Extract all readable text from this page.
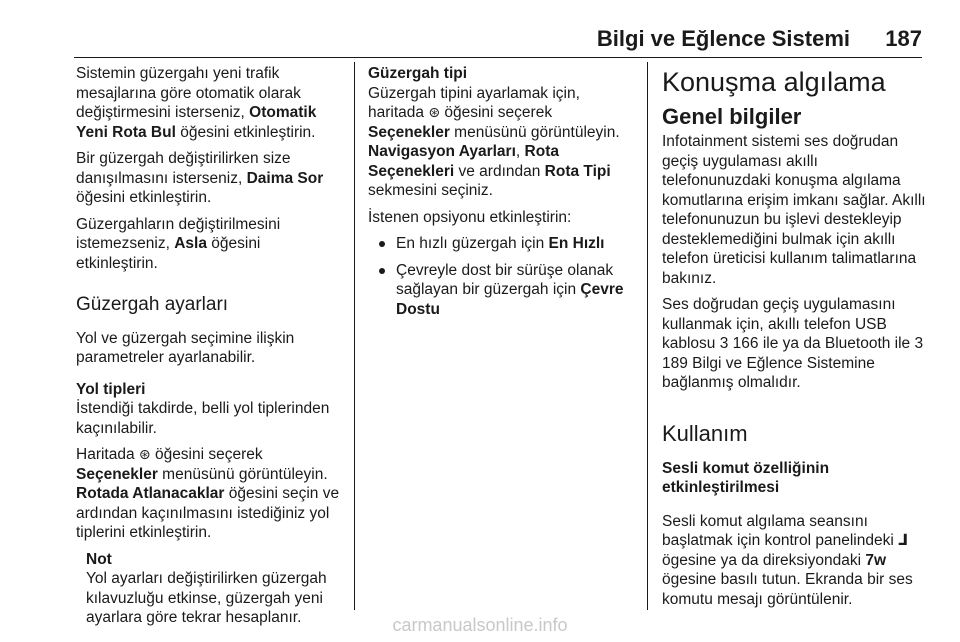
Bilgi ve Eğlence Sistemi 187

Sistemin güzergahı yeni trafik mesajlarına göre otomatik olarak değiştirmesini isterseniz, Otomatik Yeni Rota Bul öğesini etkinleştirin.

Bir güzergah değiştirilirken size danışılmasını isterseniz, Daima Sor öğesini etkinleştirin.

Güzergahların değiştirilmesini istemezseniz, Asla öğesini etkinleştirin.

Güzergah ayarları

Yol ve güzergah seçimine ilişkin parametreler ayarlanabilir.

Yol tipleri

İstendiği takdirde, belli yol tiplerinden kaçınılabilir.

Haritada ⊛ öğesini seçerek Seçenekler menüsünü görüntüleyin. Rotada Atlanacaklar öğesini seçin ve ardından kaçınılmasını istediğiniz yol tiplerini etkinleştirin.

Not
Yol ayarları değiştirilirken güzergah kılavuzluğu etkinse, güzergah yeni ayarlara göre tekrar hesaplanır.
Güzergah tipi

Güzergah tipini ayarlamak için, haritada ⊛ öğesini seçerek Seçenekler menüsünü görüntüleyin. Navigasyon Ayarları, Rota Seçenekleri ve ardından Rota Tipi sekmesini seçiniz.

İstenen opsiyonu etkinleştirin:

En hızlı güzergah için En Hızlı
Çevreyle dost bir sürüşe olanak sağlayan bir güzergah için Çevre Dostu
Konuşma algılama
Genel bilgiler

Infotainment sistemi ses doğrudan geçiş uygulaması akıllı telefonunuzdaki konuşma algılama komutlarına erişim imkanı sağlar. Akıllı telefonunuzun bu işlevi destekleyip desteklemediğini bulmak için akıllı telefon üreticisi kullanım talimatlarına bakınız.

Ses doğrudan geçiş uygulamasını kullanmak için, akıllı telefon USB kablosu 3 166 ile ya da Bluetooth ile 3 189 Bilgi ve Eğlence Sistemine bağlanmış olmalıdır.

Kullanım
Sesli komut özelliğinin etkinleştirilmesi

Sesli komut algılama seansını başlatmak için kontrol panelindeki ⅃ ögesine ya da direksiyondaki 7w ögesine basılı tutun. Ekranda bir ses komutu mesajı görüntülenir.

carmanualsonline.info
